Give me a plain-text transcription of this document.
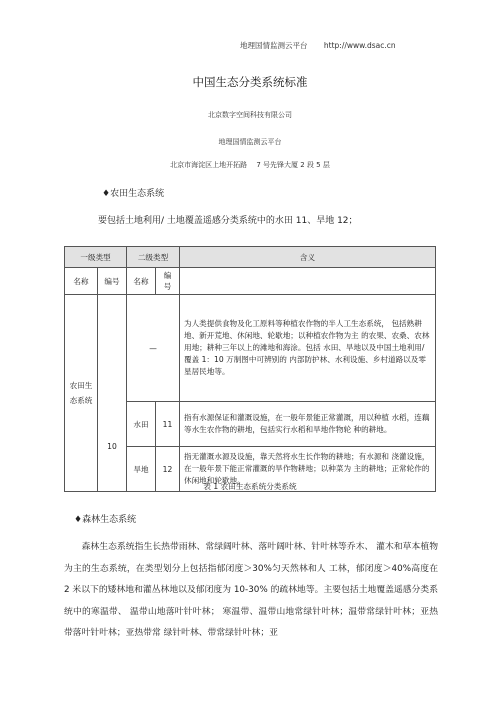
地理国情监测云平台 http://www.dsac.cn
中国生态分类系统标准
北京数字空间科技有限公司
地理国情监测云平台
北京市海淀区上地开拓路　 7 号先锋大厦 2 段 5 层
♦农田生态系统
要包括土地利用/ 土地覆盖遥感分类系统中的水田 11、旱地 12；
一级类型		二级类型		含义
名称	编号	名称	编号	
农田生态系统		—		为人类提供食物及化工原料等种植农作物的半人工生态系统， 包括熟耕地、新开荒地、休闲地、轮歇地；以种植农作物为主 的农果、农桑、农林用地；耕种三年以上的滩地和海涂。包括 水田、旱地以及中国土地利用/覆盖 1：10 万制图中可辨别的 内部防护林、水利设施、乡村道路以及零星居民地等。
	10	水田	11	指有水源保证和灌溉设施，在一般年景能正常灌溉，用以种植 水稻，连藕等水生农作物的耕地，包括实行水稻和旱地作物轮 种的耕地。
		旱地	12	指无灌溉水源及设施，靠天然将水生长作物的耕地；有水源和 浇灌设施，在一般年景下能正常灌溉的旱作物耕地；以种菜为 主的耕地；正常轮作的休闲地和轮歇地。
表 1 农田生态系统分类系统
♦森林生态系统
森林生态系统指生长热带雨林、常绿阔叶林、落叶阔叶林、针叶林等乔木、 灌木和草本植物为主的生态系统，在类型划分上包括指郁闭度＞30%匀天然林和人 工林，郁闭度＞40%高度在 2 米以下的矮林地和灌丛林地以及郁闭度为 10-30% 的疏林地等。主要包括土地覆盖遥感分类系统中的寒温带、 温带山地落叶针叶林； 寒温带、温带山地常绿针叶林；温带常绿针叶林；亚热带落叶针叶林；亚热带常 绿针叶林、带常绿针叶林；亚
